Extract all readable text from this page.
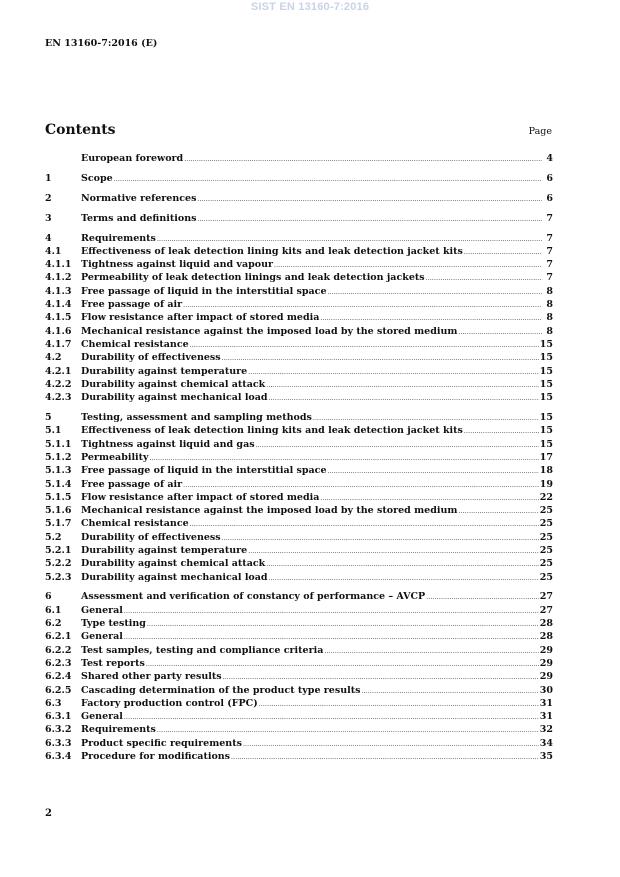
SIST EN 13160-7:2016
EN 13160-7:2016 (E)
Contents	Page
European foreword .....	4
1	Scope .....	6
2	Normative references .....	6
3	Terms and definitions .....	7
4	Requirements .....	7
4.1	Effectiveness of leak detection lining kits and leak detection jacket kits .....	7
4.1.1	Tightness against liquid and vapour .....	7
4.1.2	Permeability of leak detection linings and leak detection jackets .....	7
4.1.3	Free passage of liquid in the interstitial space .....	8
4.1.4	Free passage of air .....	8
4.1.5	Flow resistance after impact of stored media .....	8
4.1.6	Mechanical resistance against the imposed load by the stored medium .....	8
4.1.7	Chemical resistance .....	15
4.2	Durability of effectiveness .....	15
4.2.1	Durability against temperature .....	15
4.2.2	Durability against chemical attack .....	15
4.2.3	Durability against mechanical load .....	15
5	Testing, assessment and sampling methods .....	15
5.1	Effectiveness of leak detection lining kits and leak detection jacket kits .....	15
5.1.1	Tightness against liquid and gas .....	15
5.1.2	Permeability .....	17
5.1.3	Free passage of liquid in the interstitial space .....	18
5.1.4	Free passage of air .....	19
5.1.5	Flow resistance after impact of stored media .....	22
5.1.6	Mechanical resistance against the imposed load by the stored medium .....	25
5.1.7	Chemical resistance .....	25
5.2	Durability of effectiveness .....	25
5.2.1	Durability against temperature .....	25
5.2.2	Durability against chemical attack .....	25
5.2.3	Durability against mechanical load .....	25
6	Assessment and verification of constancy of performance – AVCP .....	27
6.1	General .....	27
6.2	Type testing .....	28
6.2.1	General .....	28
6.2.2	Test samples, testing and compliance criteria .....	29
6.2.3	Test reports .....	29
6.2.4	Shared other party results .....	29
6.2.5	Cascading determination of the product type results .....	30
6.3	Factory production control (FPC) .....	31
6.3.1	General .....	31
6.3.2	Requirements .....	32
6.3.3	Product specific requirements .....	34
6.3.4	Procedure for modifications .....	35
2
